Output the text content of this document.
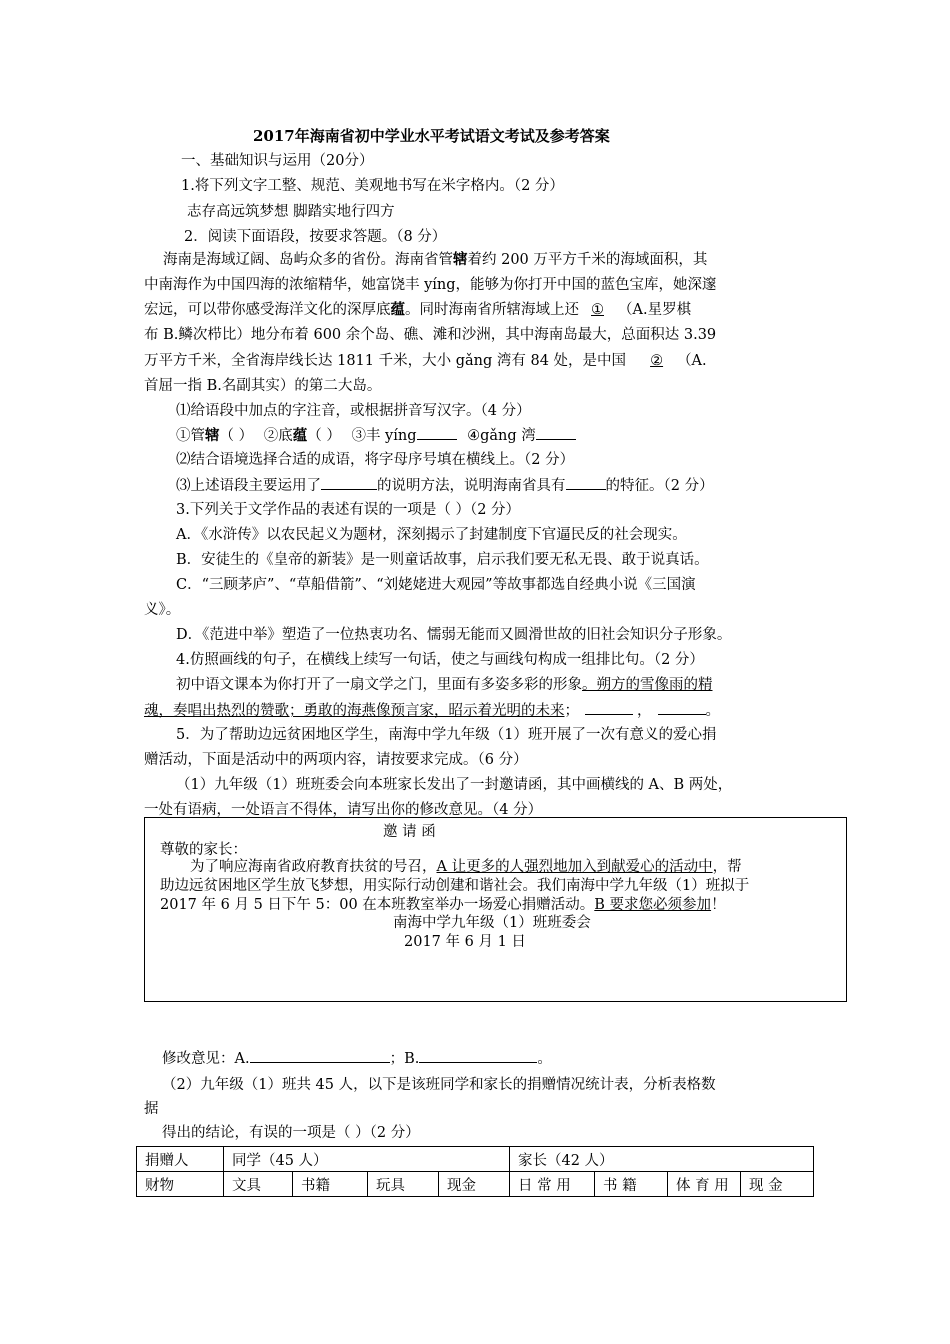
2017年海南省初中学业水平考试语文考试及参考答案
一、基础知识与运用（20分）
1.将下列文字工整、规范、美观地书写在米字格内。（2 分）
志存高远筑梦想 脚踏实地行四方
2．阅读下面语段，按要求答题。（8 分）
海南是海域辽阔、岛屿众多的省份。海南省管辖着约 200 万平方千米的海域面积，其
中南海作为中国四海的浓缩精华，她富饶丰 yíng，能够为你打开中国的蓝色宝库，她深邃
宏远，可以带你感受海洋文化的深厚底蕴。同时海南省所辖海域上还 ① （A.星罗棋
布 B.鳞次栉比）地分布着 600 余个岛、礁、滩和沙洲，其中海南岛最大，总面积达 3.39
万平方千米，全省海岸线长达 1811 千米，大小 gǎng 湾有 84 处，是中国 ② （A.
首屈一指 B.名副其实）的第二大岛。
⑴给语段中加点的字注音，或根据拼音写汉字。（4 分）
①管辖（ ） ②底蕴（ ） ③丰 yíng	④gǎng 湾
⑵结合语境选择合适的成语，将字母序号填在横线上。（2 分）
⑶上述语段主要运用了	的说明方法，说明海南省具有	的特征。（2 分）
3.下列关于文学作品的表述有误的一项是（ ）（2 分）
A．《水浒传》以农民起义为题材，深刻揭示了封建制度下官逼民反的社会现实。
B．安徒生的《皇帝的新装》是一则童话故事，启示我们要无私无畏、敢于说真话。
C．“三顾茅庐”、“草船借箭”、“刘姥姥进大观园”等故事都选自经典小说《三国演
义》。
D．《范进中举》塑造了一位热衷功名、懦弱无能而又圆滑世故的旧社会知识分子形象。
4.仿照画线的句子，在横线上续写一句话，使之与画线句构成一组排比句。（2 分）
初中语文课本为你打开了一扇文学之门，里面有多姿多彩的形象。朔方的雪像雨的精
魂，奏唱出热烈的赞歌；勇敢的海燕像预言家，昭示着光明的未来；	，	。
5．为了帮助边远贫困地区学生，南海中学九年级（1）班开展了一次有意义的爱心捐
赠活动，下面是活动中的两项内容，请按要求完成。（6 分）
（1）九年级（1）班班委会向本班家长发出了一封邀请函，其中画横线的 A、B 两处，
一处有语病，一处语言不得体，请写出你的修改意见。（4 分）
邀 请 函
尊敬的家长：
为了响应海南省政府教育扶贫的号召，A 让更多的人强烈地加入到献爱心的活动中，帮
助边远贫困地区学生放飞梦想，用实际行动创建和谐社会。我们南海中学九年级（1）班拟于
2017 年 6 月 5 日下午 5：00 在本班教室举办一场爱心捐赠活动。B 要求您必须参加！
南海中学九年级（1）班班委会
2017 年 6 月 1 日
修改意见：A.	；B.	。
（2）九年级（1）班共 45 人，以下是该班同学和家长的捐赠情况统计表，分析表格数
据
得出的结论，有误的一项是（ ）（2 分）
捐赠人	同学（45 人）				家长（42 人）			
财物	文具	书籍	玩具	现金	日 常 用	书 籍	体 育 用	现 金
